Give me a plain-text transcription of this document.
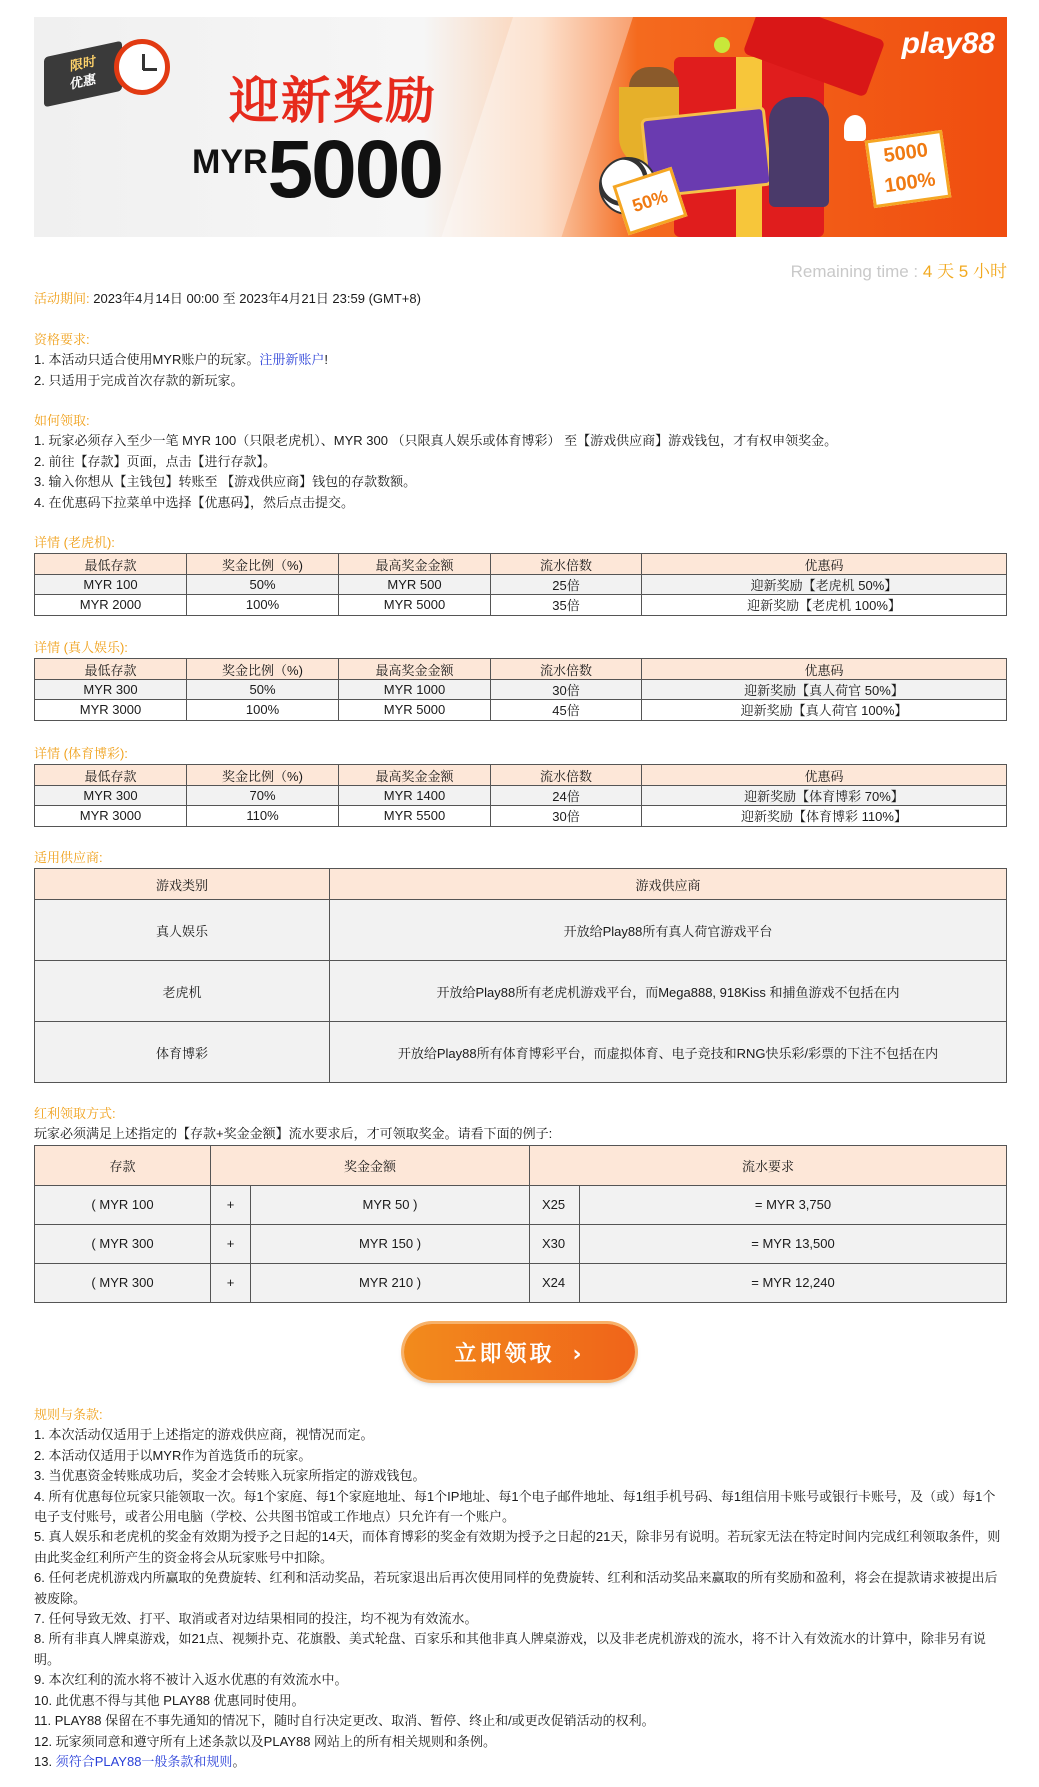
限时
优惠	迎新奖励
MYR5000	5000
100%
50%
play88
Remaining time : 4 天 5 小时

活动期间: 2023年4月14日 00:00 至 2023年4月21日 23:59 (GMT+8)

资格要求:

1. 本活动只适合使用MYR账户的玩家。注册新账户!

2. 只适用于完成首次存款的新玩家。

如何领取:

1. 玩家必须存入至少一笔 MYR 100（只限老虎机）、MYR 300 （只限真人娱乐或体育博彩） 至【游戏供应商】游戏钱包，才有权申领奖金。

2. 前往【存款】页面，点击【进行存款】。

3. 输入你想从【主钱包】转账至 【游戏供应商】钱包的存款数额。

4. 在优惠码下拉菜单中选择【优惠码】，然后点击提交。

详情 (老虎机):

最低存款	奖金比例（%)	最高奖金金额	流水倍数	优惠码
MYR 100	50%	MYR 500	25倍	迎新奖励【老虎机 50%】
MYR 2000	100%	MYR 5000	35倍	迎新奖励【老虎机 100%】

详情 (真人娱乐):

最低存款	奖金比例（%)	最高奖金金额	流水倍数	优惠码
MYR 300	50%	MYR 1000	30倍	迎新奖励【真人荷官 50%】
MYR 3000	100%	MYR 5000	45倍	迎新奖励【真人荷官 100%】

详情 (体育博彩):

最低存款	奖金比例（%)	最高奖金金额	流水倍数	优惠码
MYR 300	70%	MYR 1400	24倍	迎新奖励【体育博彩 70%】
MYR 3000	110%	MYR 5500	30倍	迎新奖励【体育博彩 110%】

适用供应商:

游戏类别	游戏供应商
真人娱乐	开放给Play88所有真人荷官游戏平台
老虎机	开放给Play88所有老虎机游戏平台，而Mega888, 918Kiss 和捕鱼游戏不包括在内
体育博彩	开放给Play88所有体育博彩平台，而虚拟体育、电子竞技和RNG快乐彩/彩票的下注不包括在内

红利领取方式:

玩家必须满足上述指定的【存款+奖金金额】流水要求后，才可领取奖金。请看下面的例子:

存款	奖金金额		流水要求	
( MYR 100	+	MYR 50 )	X25	= MYR 3,750
( MYR 300	+	MYR 150 )	X30	= MYR 13,500
( MYR 300	+	MYR 210 )	X24	= MYR 12,240
立即领取 ›

规则与条款:

1. 本次活动仅适用于上述指定的游戏供应商，视情况而定。

2. 本活动仅适用于以MYR作为首选货币的玩家。

3. 当优惠资金转账成功后，奖金才会转账入玩家所指定的游戏钱包。

4. 所有优惠每位玩家只能领取一次。每1个家庭、每1个家庭地址、每1个IP地址、每1个电子邮件地址、每1组手机号码、每1组信用卡账号或银行卡账号，及（或）每1个电子支付账号，或者公用电脑（学校、公共图书馆或工作地点）只允许有一个账户。

5. 真人娱乐和老虎机的奖金有效期为授予之日起的14天，而体育博彩的奖金有效期为授予之日起的21天，除非另有说明。若玩家无法在特定时间内完成红利领取条件，则由此奖金红利所产生的资金将会从玩家账号中扣除。

6. 任何老虎机游戏内所赢取的免费旋转、红利和活动奖品，若玩家退出后再次使用同样的免费旋转、红利和活动奖品来赢取的所有奖励和盈利，将会在提款请求被提出后被废除。

7. 任何导致无效、打平、取消或者对边结果相同的投注，均不视为有效流水。

8. 所有非真人牌桌游戏，如21点、视频扑克、花旗骰、美式轮盘、百家乐和其他非真人牌桌游戏，以及非老虎机游戏的流水，将不计入有效流水的计算中，除非另有说明。

9. 本次红利的流水将不被计入返水优惠的有效流水中。

10. 此优惠不得与其他 PLAY88 优惠同时使用。

11. PLAY88 保留在不事先通知的情况下，随时自行决定更改、取消、暂停、终止和/或更改促销活动的权利。

12. 玩家须同意和遵守所有上述条款以及PLAY88 网站上的所有相关规则和条例。

13. 须符合PLAY88一般条款和规则。
